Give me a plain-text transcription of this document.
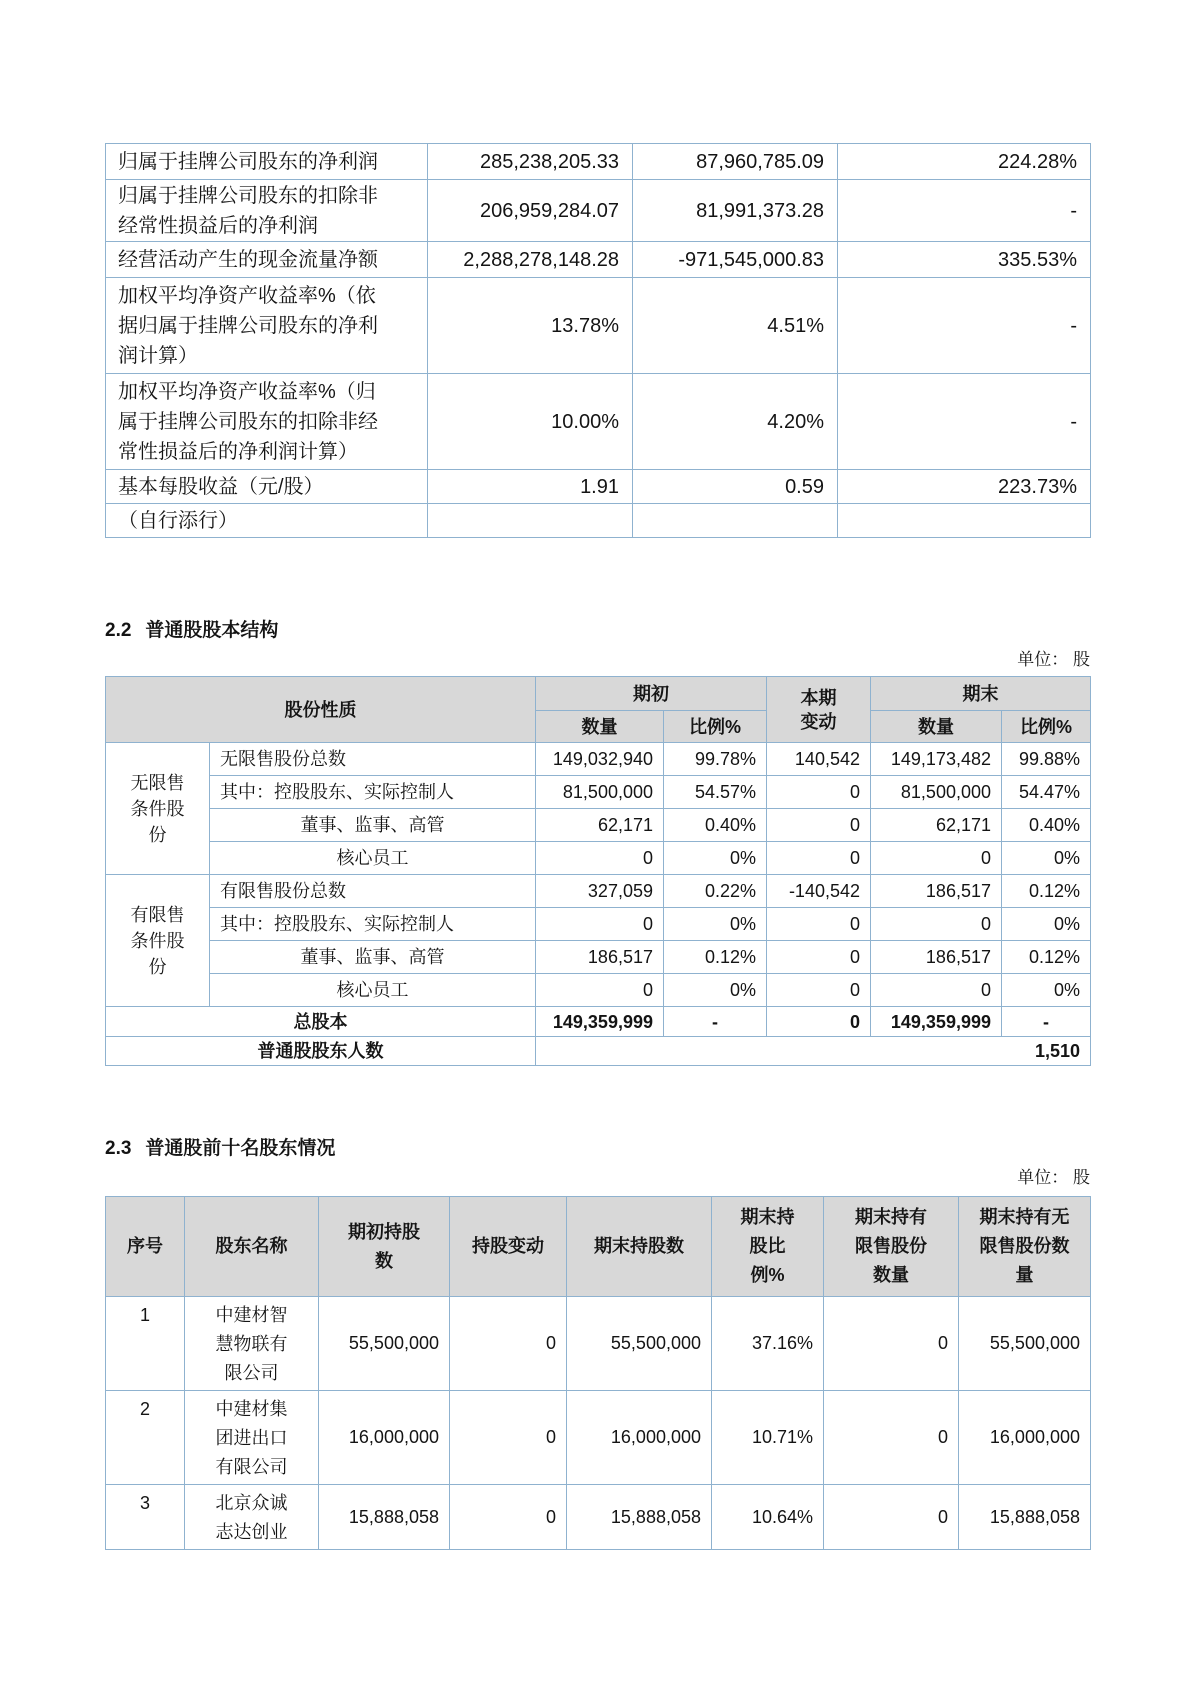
归属于挂牌公司股东的净利润	285,238,205.33	87,960,785.09	224.28%
归属于挂牌公司股东的扣除非经常性损益后的净利润	206,959,284.07	81,991,373.28	-
经营活动产生的现金流量净额	2,288,278,148.28	-971,545,000.83	335.53%
加权平均净资产收益率%（依据归属于挂牌公司股东的净利润计算）	13.78%	4.51%	-
加权平均净资产收益率%（归属于挂牌公司股东的扣除非经常性损益后的净利润计算）	10.00%	4.20%	-
基本每股收益（元/股）	1.91	0.59	223.73%
（自行添行）			
2.2 普通股股本结构
单位： 股
股份性质		期初		本期变动	期末	
		数量	比例%		数量	比例%
无限售条件股份	无限售股份总数	149,032,940	99.78%	140,542	149,173,482	99.88%
	其中：控股股东、实际控制人	81,500,000	54.57%	0	81,500,000	54.47%
	董事、监事、高管	62,171	0.40%	0	62,171	0.40%
	核心员工	0	0%	0	0	0%
有限售条件股份	有限售股份总数	327,059	0.22%	-140,542	186,517	0.12%
	其中：控股股东、实际控制人	0	0%	0	0	0%
	董事、监事、高管	186,517	0.12%	0	186,517	0.12%
	核心员工	0	0%	0	0	0%
总股本		149,359,999	-	0	149,359,999	-
普通股股东人数		1,510				
2.3 普通股前十名股东情况
单位： 股
序号	股东名称	期初持股数	持股变动	期末持股数	期末持股比例%	期末持有限售股份数量	期末持有无限售股份数量
1	中建材智慧物联有限公司	55,500,000	0	55,500,000	37.16%	0	55,500,000
2	中建材集团进出口有限公司	16,000,000	0	16,000,000	10.71%	0	16,000,000
3	北京众诚志达创业	15,888,058	0	15,888,058	10.64%	0	15,888,058
